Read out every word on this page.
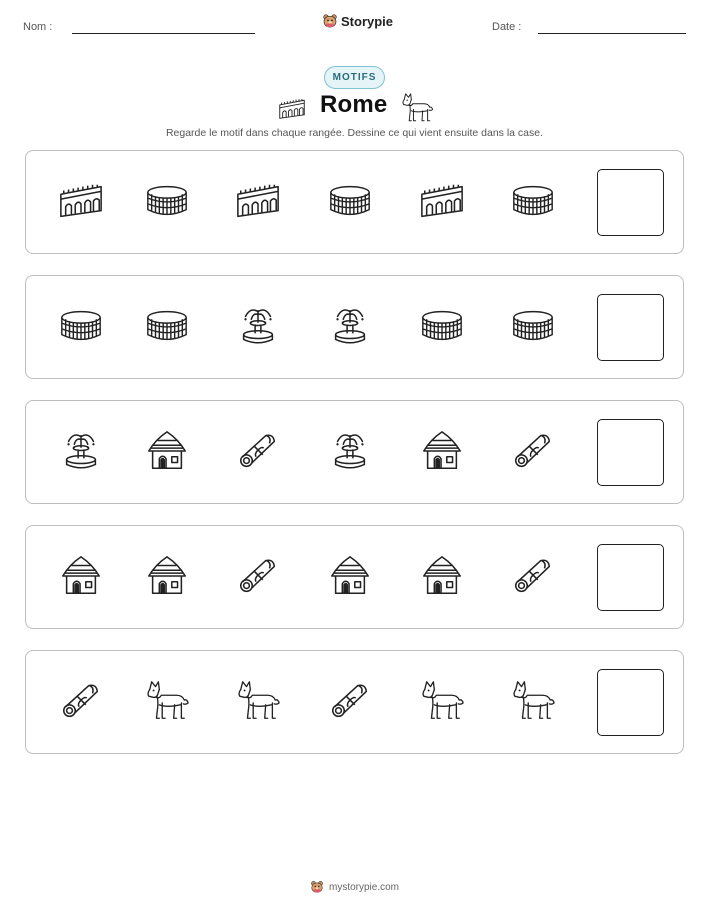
Nom :	Storypie	Date :
MOTIFS
Rome
Regarde le motif dans chaque rangée. Dessine ce qui vient ensuite dans la case.
mystorypie.com
